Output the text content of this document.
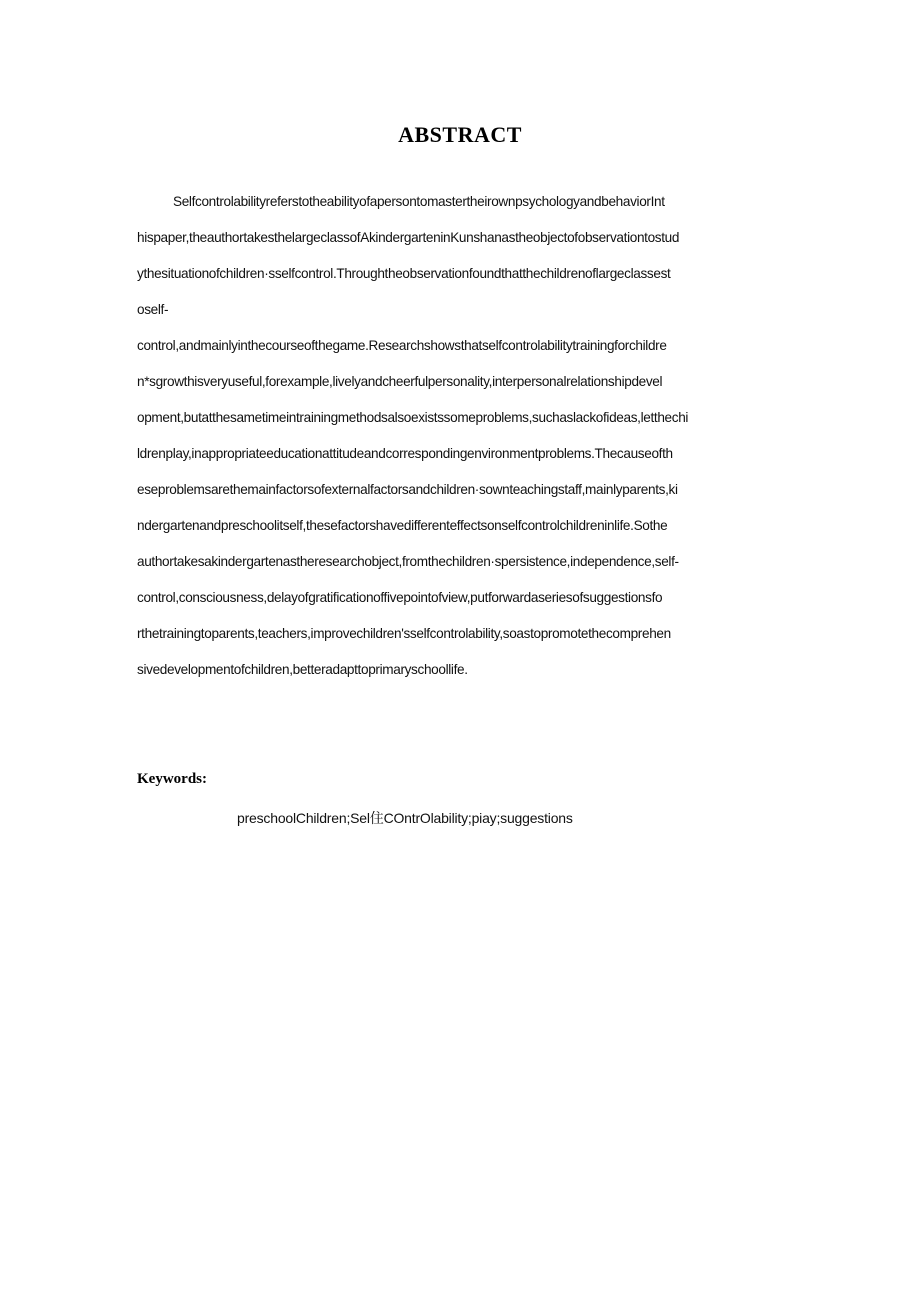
ABSTRACT
SelfcontrolabilityreferstotheabilityofapersontomastertheirownpsychologyandbehaviorInt
hispaper,theauthortakesthelargeclassofAkindergarteninKunshanastheobjectofobservationtostud
ythesituationofchildren·sselfcontrol.Throughtheobservationfoundthatthechildrenoflargeclassest
oself-
control,andmainlyinthecourseofthegame.Researchshowsthatselfcontrolabilitytrainingforchildre
n*sgrowthisveryuseful,forexample,livelyandcheerfulpersonality,interpersonalrelationshipdevel
opment,butatthesametimeintrainingmethodsalsoexistssomeproblems,suchaslackofideas,letthechi
ldrenplay,inappropriateeducationattitudeandcorrespondingenvironmentproblems.Thecauseofth
eseproblemsarethemainfactorsofexternalfactorsandchildren·sownteachingstaff,mainlyparents,ki
ndergartenandpreschoolitself,thesefactorshavedifferenteffectsonselfcontrolchildreninlife.Sothe
authortakesakindergartenastheresearchobject,fromthechildren·spersistence,independence,self-
control,consciousness,delayofgratificationoffivepointofview,putforwardaseriesofsuggestionsfo
rthetrainingtoparents,teachers,improvechildren'sselfcontrolability,soastopromotethecomprehen
sivedevelopmentofchildren,betteradapttoprimaryschoollife.
Keywords:
preschoolChildren;Sel住COntrOlability;piay;suggestions
